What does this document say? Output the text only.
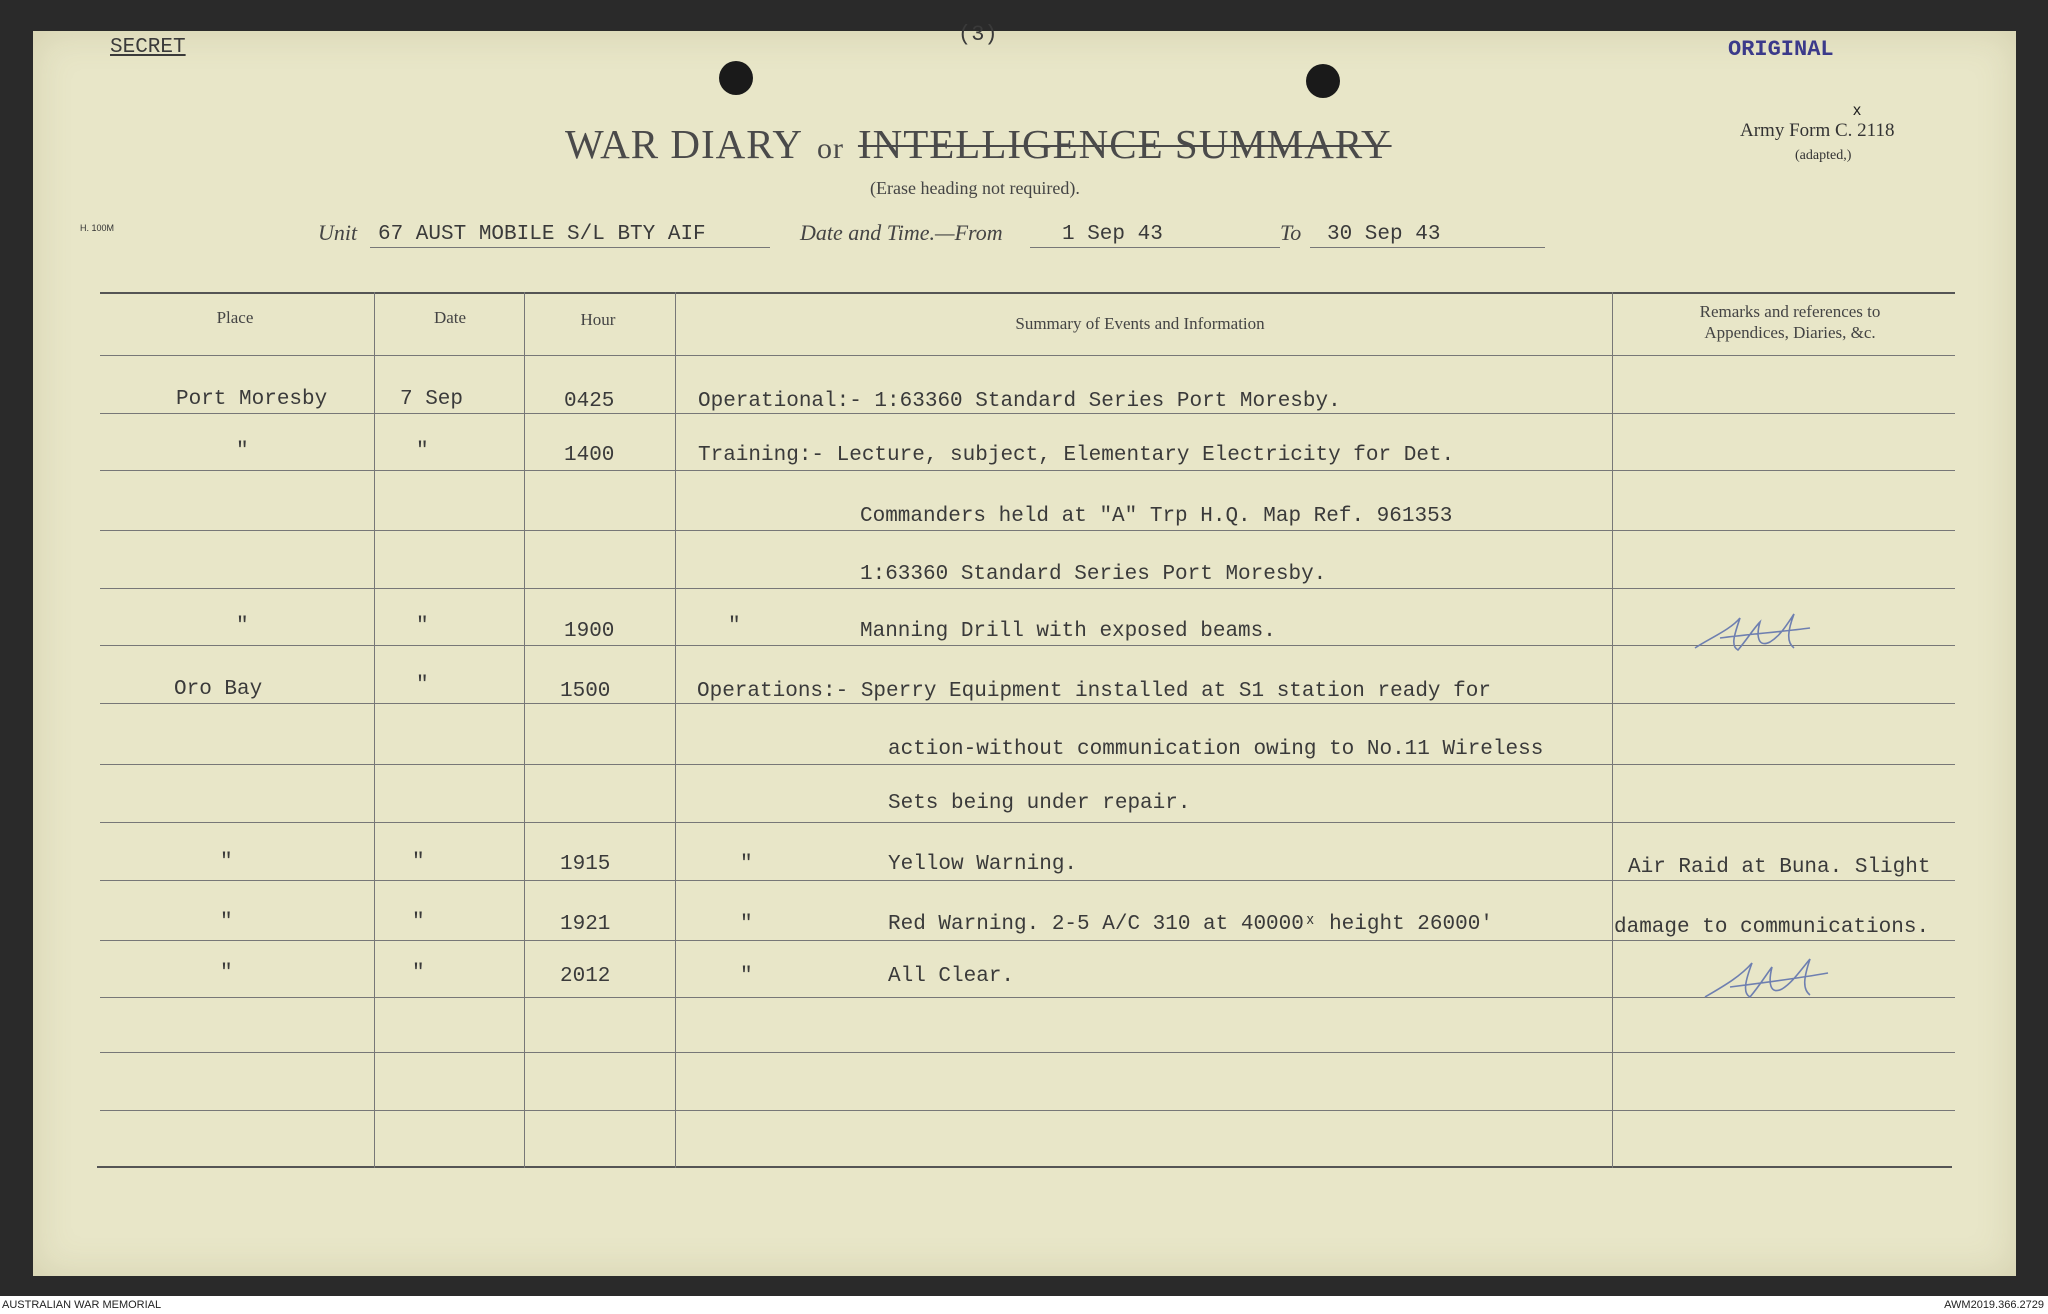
SECRET
(3)
ORIGINAL
WAR DIARY or INTELLIGENCE SUMMARY
(Erase heading not required).
Army Form C. 2118
x
(adapted,)
H. 100M	Unit 67 AUST MOBILE S/L BTY AIF	Date and Time.—From	1 Sep 43	To 30 Sep 43
Place	Date	Hour	Summary of Events and Information
Remarks and references to
Appendices, Diaries, &c.
Port Moresby	7 Sep	0425	Operational:- 1:63360 Standard Series Port Moresby.
"	"	1400	Training:- Lecture, subject, Elementary Electricity for Det.
Commanders held at "A" Trp H.Q. Map Ref. 961353
1:63360 Standard Series Port Moresby.
"	"	1900	"	Manning Drill with exposed beams.
Oro Bay	"	1500	Operations:- Sperry Equipment installed at S1 station ready for
action-without communication owing to No.11 Wireless
Sets being under repair.
"	"	1915	"	Yellow Warning.	Air Raid at Buna. Slight
"	"	1921	"	Red Warning. 2-5 A/C 310 at 40000ˣ height 26000'	damage to communications.
"	"	2012	"	All Clear.
AUSTRALIAN WAR MEMORIAL	AWM2019.366.2729
